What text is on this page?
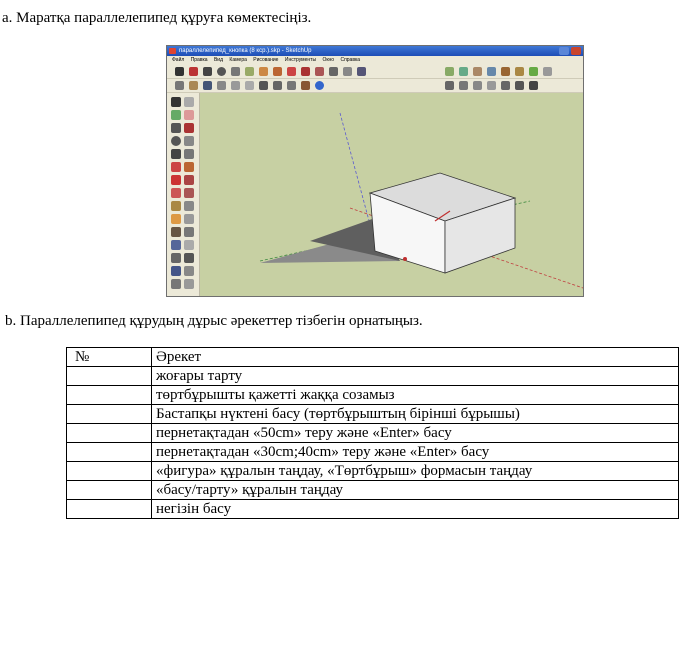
a. Маратқа параллелепипед құруға көмектесіңіз.
параллелепипед_кнопка (8 кср.).skp - SketchUp
Файл Правка Вид Камера Рисование Инструменты Окно Справка
b. Параллелепипед құрудың дұрыс әрекеттер тізбегін орнатыңыз.
№	Әрекет
	жоғары тарту
	төртбұрышты қажетті жаққа созамыз
	Бастапқы нүктені басу (төртбұрыштың бірінші бұрышы)
	пернетақтадан «50cm» теру және «Enter» басу
	пернетақтадан «30cm;40cm» теру және «Enter» басу
	«фигура» құралын таңдау, «Төртбұрыш» формасын таңдау
	«басу/тарту» құралын таңдау
	негізін басу
